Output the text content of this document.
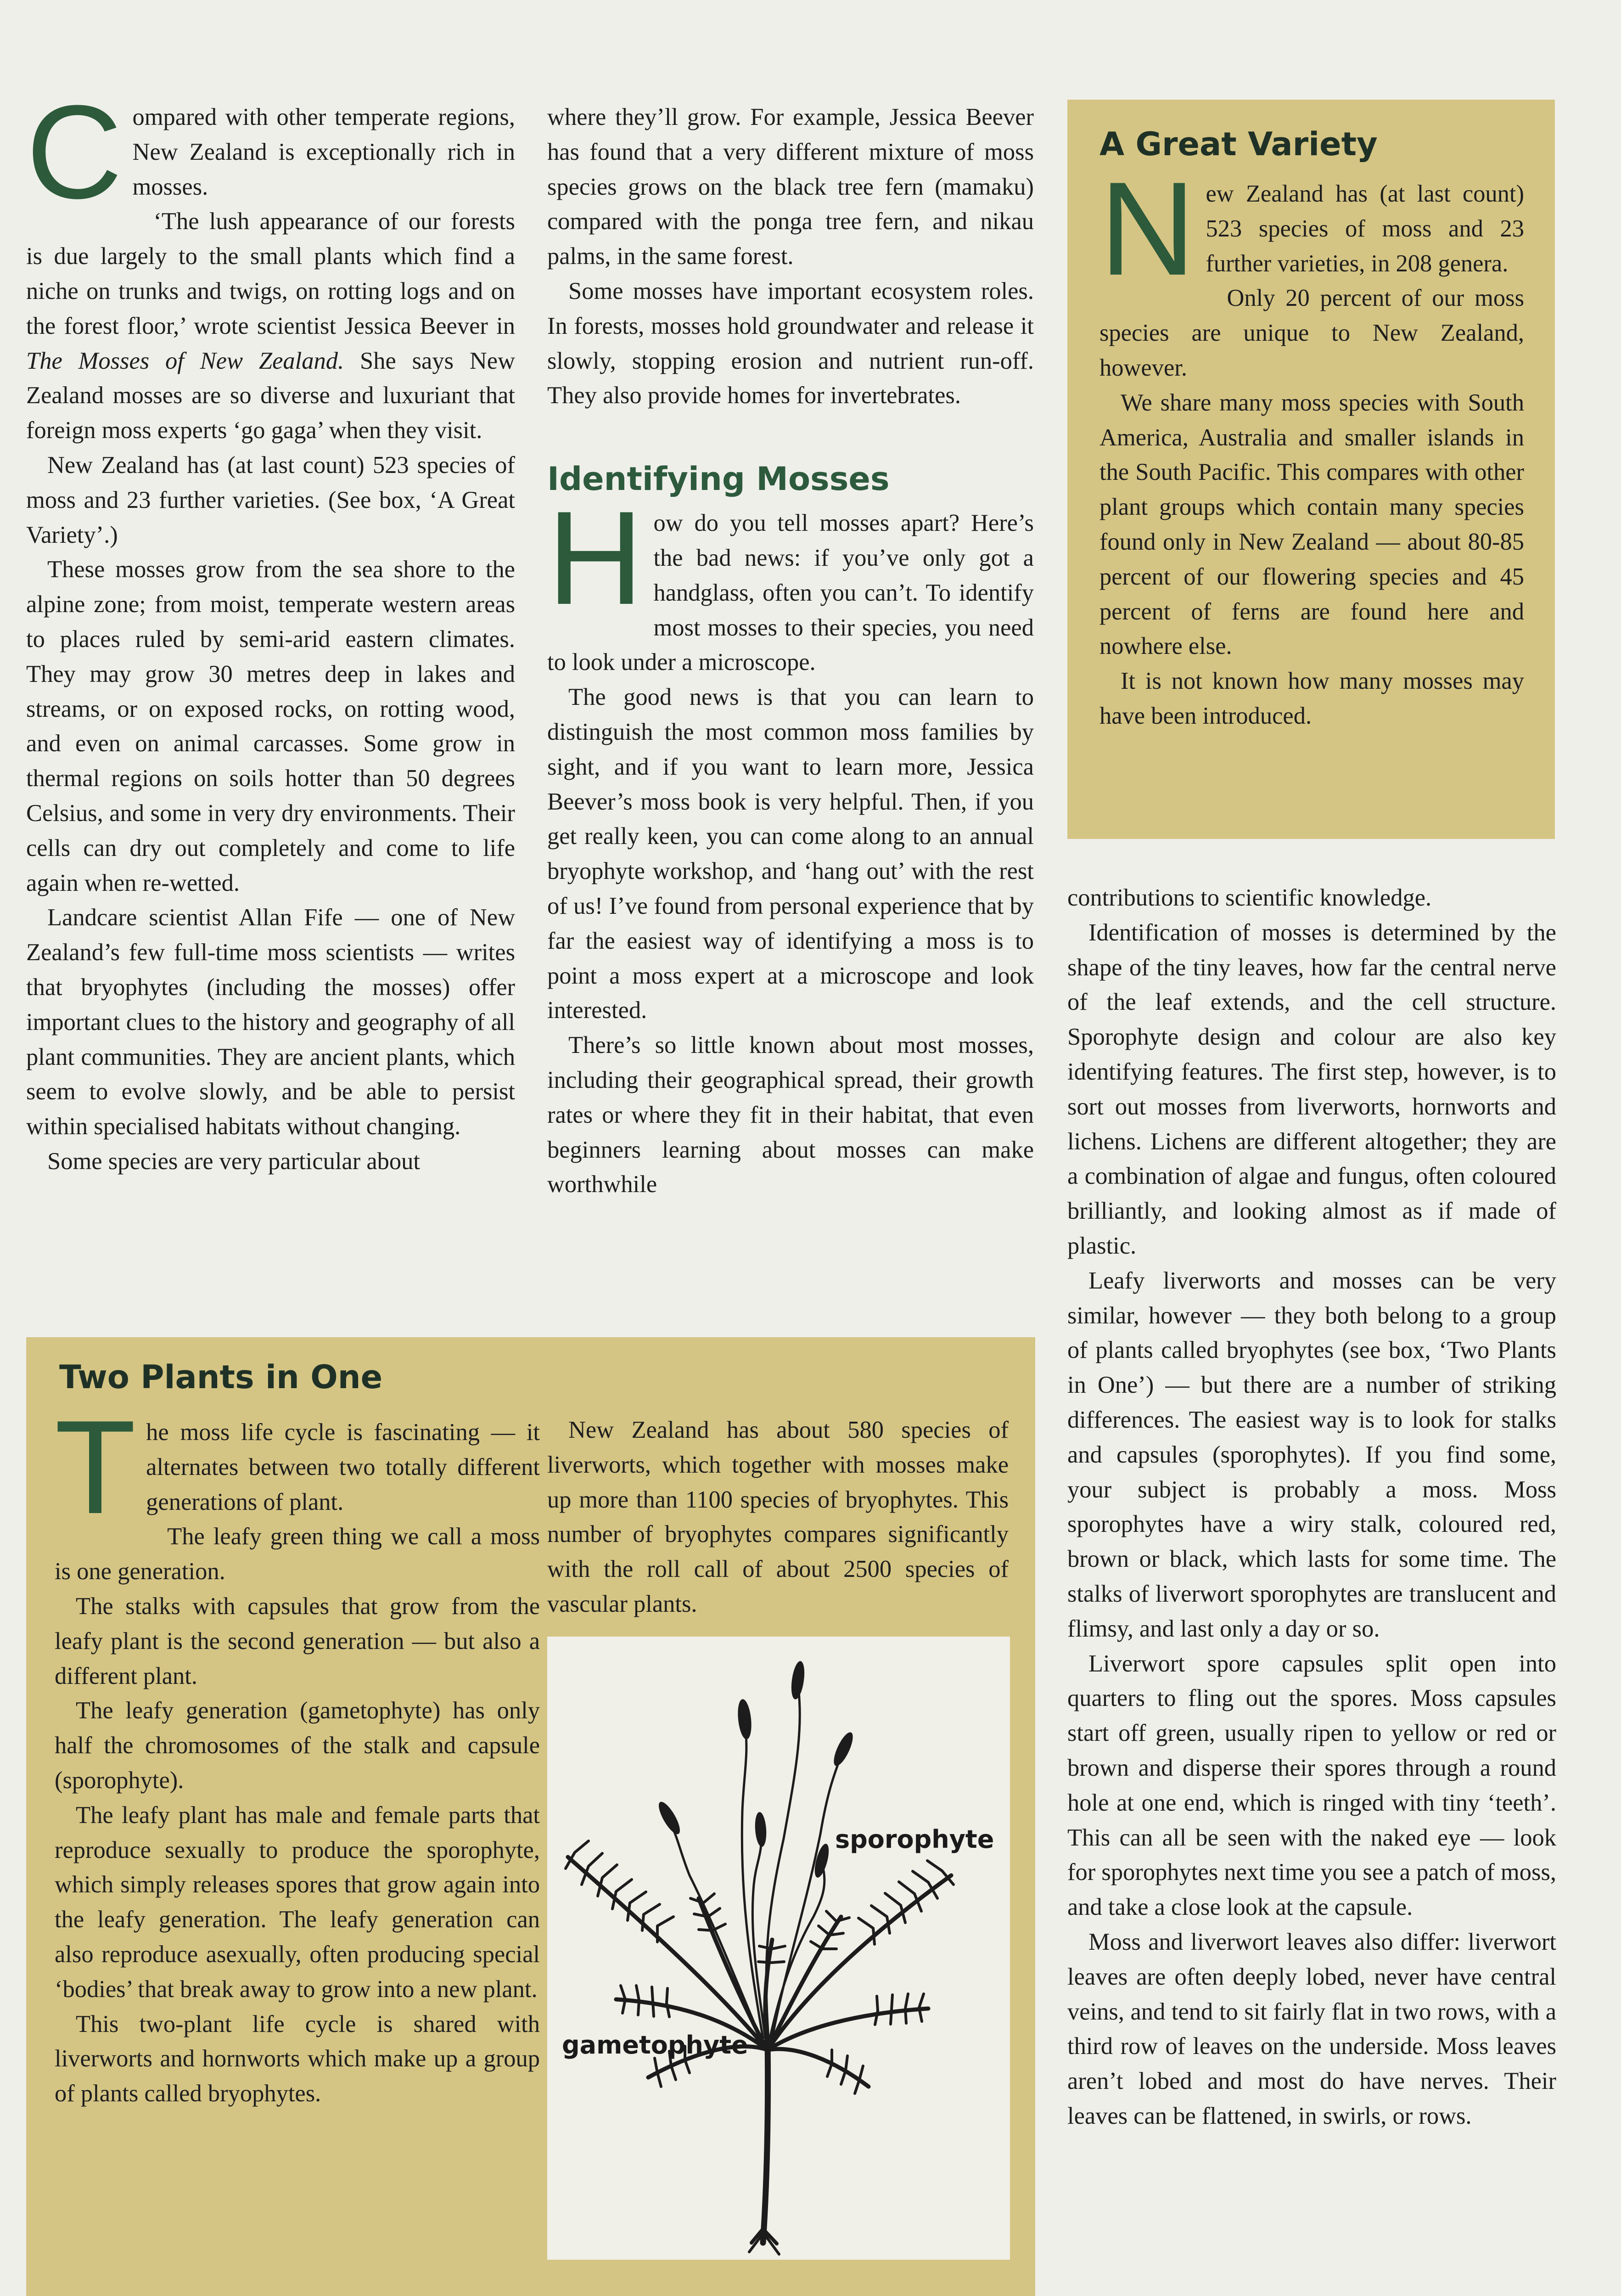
Compared with other temperate regions, New Zealand is exceptionally rich in mosses.

‘The lush appearance of our forests is due largely to the small plants which find a niche on trunks and twigs, on rotting logs and on the forest floor,’ wrote scientist Jessica Beever in The Mosses of New Zealand. She says New Zealand mosses are so diverse and luxuriant that foreign moss experts ‘go gaga’ when they visit.

New Zealand has (at last count) 523 species of moss and 23 further varieties. (See box, ‘A Great Variety’.)

These mosses grow from the sea shore to the alpine zone; from moist, temperate western areas to places ruled by semi-arid eastern climates. They may grow 30 metres deep in lakes and streams, or on exposed rocks, on rotting wood, and even on animal carcasses. Some grow in thermal regions on soils hotter than 50 degrees Celsius, and some in very dry environments. Their cells can dry out completely and come to life again when re-wetted.

Landcare scientist Allan Fife — one of New Zealand’s few full-time moss scientists — writes that bryophytes (including the mosses) offer important clues to the history and geography of all plant communities. They are ancient plants, which seem to evolve slowly, and be able to persist within specialised habitats without changing.

Some species are very particular about

where they’ll grow. For example, Jessica Beever has found that a very different mixture of moss species grows on the black tree fern (mamaku) compared with the ponga tree fern, and nikau palms, in the same forest.

Some mosses have important ecosystem roles. In forests, mosses hold groundwater and release it slowly, stopping erosion and nutrient run-off. They also provide homes for invertebrates.

Identifying Mosses

How do you tell mosses apart? Here’s the bad news: if you’ve only got a handglass, often you can’t. To identify most mosses to their species, you need to look under a microscope.

The good news is that you can learn to distinguish the most common moss families by sight, and if you want to learn more, Jessica Beever’s moss book is very helpful. Then, if you get really keen, you can come along to an annual bryophyte workshop, and ‘hang out’ with the rest of us! I’ve found from personal experience that by far the easiest way of identifying a moss is to point a moss expert at a microscope and look interested.

There’s so little known about most mosses, including their geographical spread, their growth rates or where they fit in their habitat, that even beginners learning about mosses can make worthwhile

A Great Variety

New Zealand has (at last count) 523 species of moss and 23 further varieties, in 208 genera.

Only 20 percent of our moss species are unique to New Zealand, however.

We share many moss species with South America, Australia and smaller islands in the South Pacific. This compares with other plant groups which contain many species found only in New Zealand — about 80-85 percent of our flowering species and 45 percent of ferns are found here and nowhere else.

It is not known how many mosses may have been introduced.

contributions to scientific knowledge.

Identification of mosses is determined by the shape of the tiny leaves, how far the central nerve of the leaf extends, and the cell structure. Sporophyte design and colour are also key identifying features. The first step, however, is to sort out mosses from liverworts, hornworts and lichens. Lichens are different altogether; they are a combination of algae and fungus, often coloured brilliantly, and looking almost as if made of plastic.

Leafy liverworts and mosses can be very similar, however — they both belong to a group of plants called bryophytes (see box, ‘Two Plants in One’) — but there are a number of striking differences. The easiest way is to look for stalks and capsules (sporophytes). If you find some, your subject is probably a moss. Moss sporophytes have a wiry stalk, coloured red, brown or black, which lasts for some time. The stalks of liverwort sporophytes are translucent and flimsy, and last only a day or so.

Liverwort spore capsules split open into quarters to fling out the spores. Moss capsules start off green, usually ripen to yellow or red or brown and disperse their spores through a round hole at one end, which is ringed with tiny ‘teeth’. This can all be seen with the naked eye — look for sporophytes next time you see a patch of moss, and take a close look at the capsule.

Moss and liverwort leaves also differ: liverwort leaves are often deeply lobed, never have central veins, and tend to sit fairly flat in two rows, with a third row of leaves on the underside. Moss leaves aren’t lobed and most do have nerves. Their leaves can be flattened, in swirls, or rows.

Two Plants in One

The moss life cycle is fascinating — it alternates between two totally different generations of plant.

The leafy green thing we call a moss is one generation.

The stalks with capsules that grow from the leafy plant is the second generation — but also a different plant.

The leafy generation (gametophyte) has only half the chromosomes of the stalk and capsule (sporophyte).

The leafy plant has male and female parts that reproduce sexually to produce the sporophyte, which simply releases spores that grow again into the leafy generation. The leafy generation can also reproduce asexually, often producing special ‘bodies’ that break away to grow into a new plant.

This two-plant life cycle is shared with liverworts and hornworts which make up a group of plants called bryophytes.

New Zealand has about 580 species of liverworts, which together with mosses make up more than 1100 species of bryophytes. This number of bryophytes compares significantly with the roll call of about 2500 species of vascular plants.

sporophyte
gametophyte
